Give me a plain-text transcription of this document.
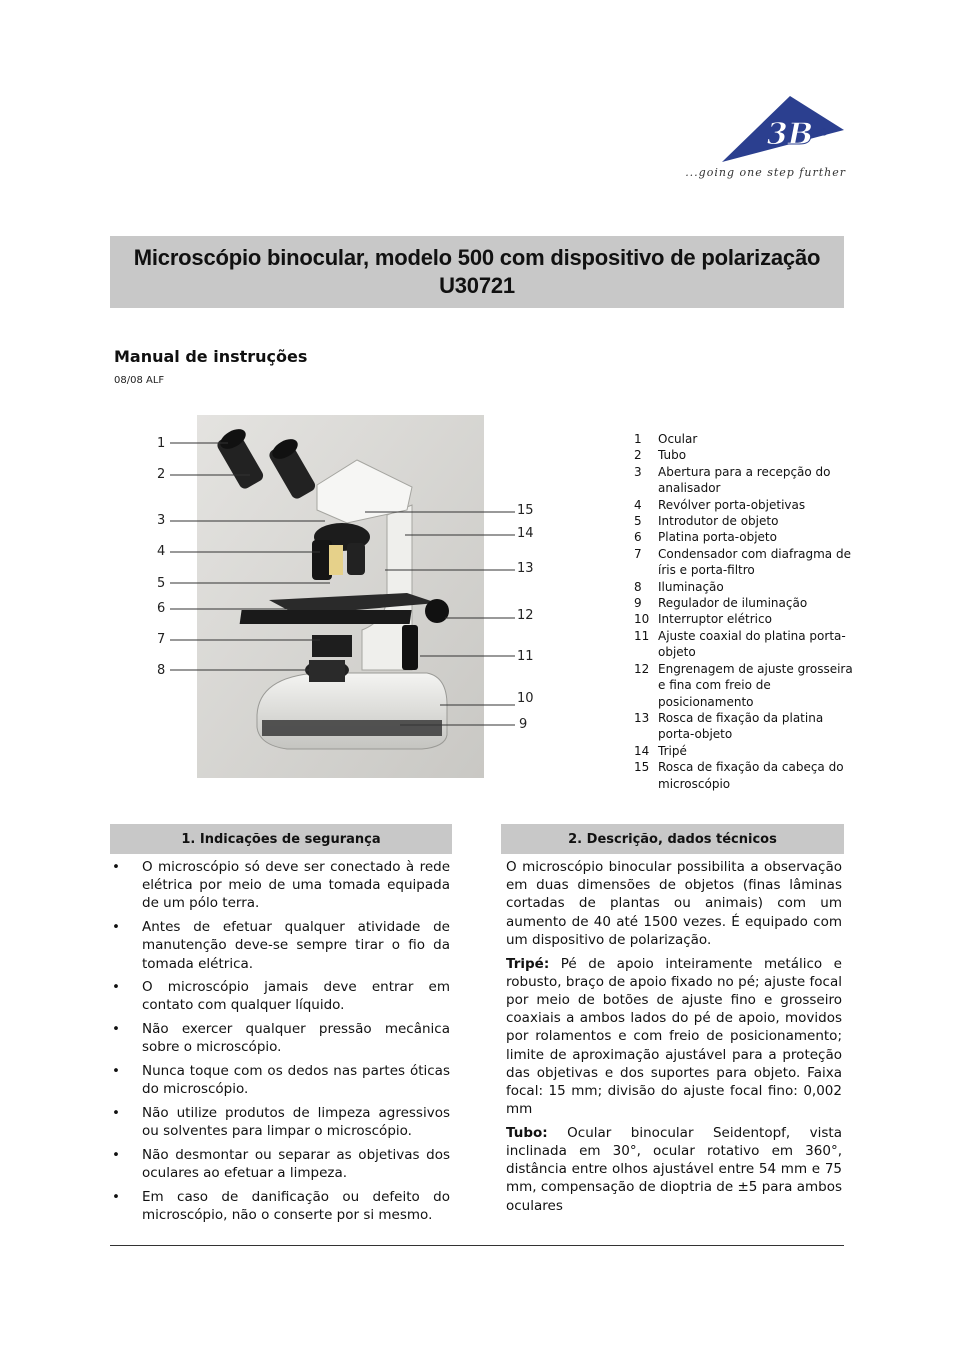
3B
...going one step further
Microscópio binocular, modelo 500 com dispositivo de polarização
U30721
Manual de instruções
08/08 ALF
1
2
3
4
5
6
7
8
15
14
13
12
11
10
9
1	Ocular
2	Tubo
3	Abertura para a recepção do analisador
4	Revólver porta-objetivas
5	Introdutor de objeto
6	Platina porta-objeto
7	Condensador com diafragma de íris e porta-filtro
8	Iluminação
9	Regulador de iluminação
10 Interruptor elétrico
11 Ajuste coaxial do platina porta-objeto
12 Engrenagem de ajuste grosseira e fina com freio de posicionamento
13 Rosca de fixação da platina porta-objeto
14 Tripé
15 Rosca de fixação da cabeça do microscópio
1. Indicações de segurança
•	O microscópio só deve ser conectado à rede elétrica por meio de uma tomada equipada de um pólo terra.
•	Antes de efetuar qualquer atividade de manutenção deve-se sempre tirar o fio da tomada elétrica.
•	O microscópio jamais deve entrar em contato com qualquer líquido.
•	Não exercer qualquer pressão mecânica sobre o microscópio.
•	Nunca toque com os dedos nas partes óticas do microscópio.
•	Não utilize produtos de limpeza agressivos ou solventes para limpar o microscópio.
•	Não desmontar ou separar as objetivas dos oculares ao efetuar a limpeza.
•	Em caso de danificação ou defeito do microscópio, não o conserte por si mesmo.
2. Descrição, dados técnicos

O microscópio binocular possibilita a observação em duas dimensões de objetos (finas lâminas cortadas de plantas ou animais) com um aumento de 40 até 1500 vezes. É equipado com um dispositivo de polarização.

Tripé: Pé de apoio inteiramente metálico e robusto, braço de apoio fixado no pé; ajuste focal por meio de botões de ajuste fino e grosseiro coaxiais a ambos lados do pé de apoio, movidos por rolamentos e com freio de posicionamento; limite de aproximação ajustável para a proteção das objetivas e dos suportes para objeto. Faixa focal: 15 mm; divisão do ajuste focal fino: 0,002 mm

Tubo: Ocular binocular Seidentopf, vista inclinada em 30°, ocular rotativo em 360°, distância entre olhos ajustável entre 54 mm e 75 mm, compensação de dioptria de ±5 para ambos oculares
